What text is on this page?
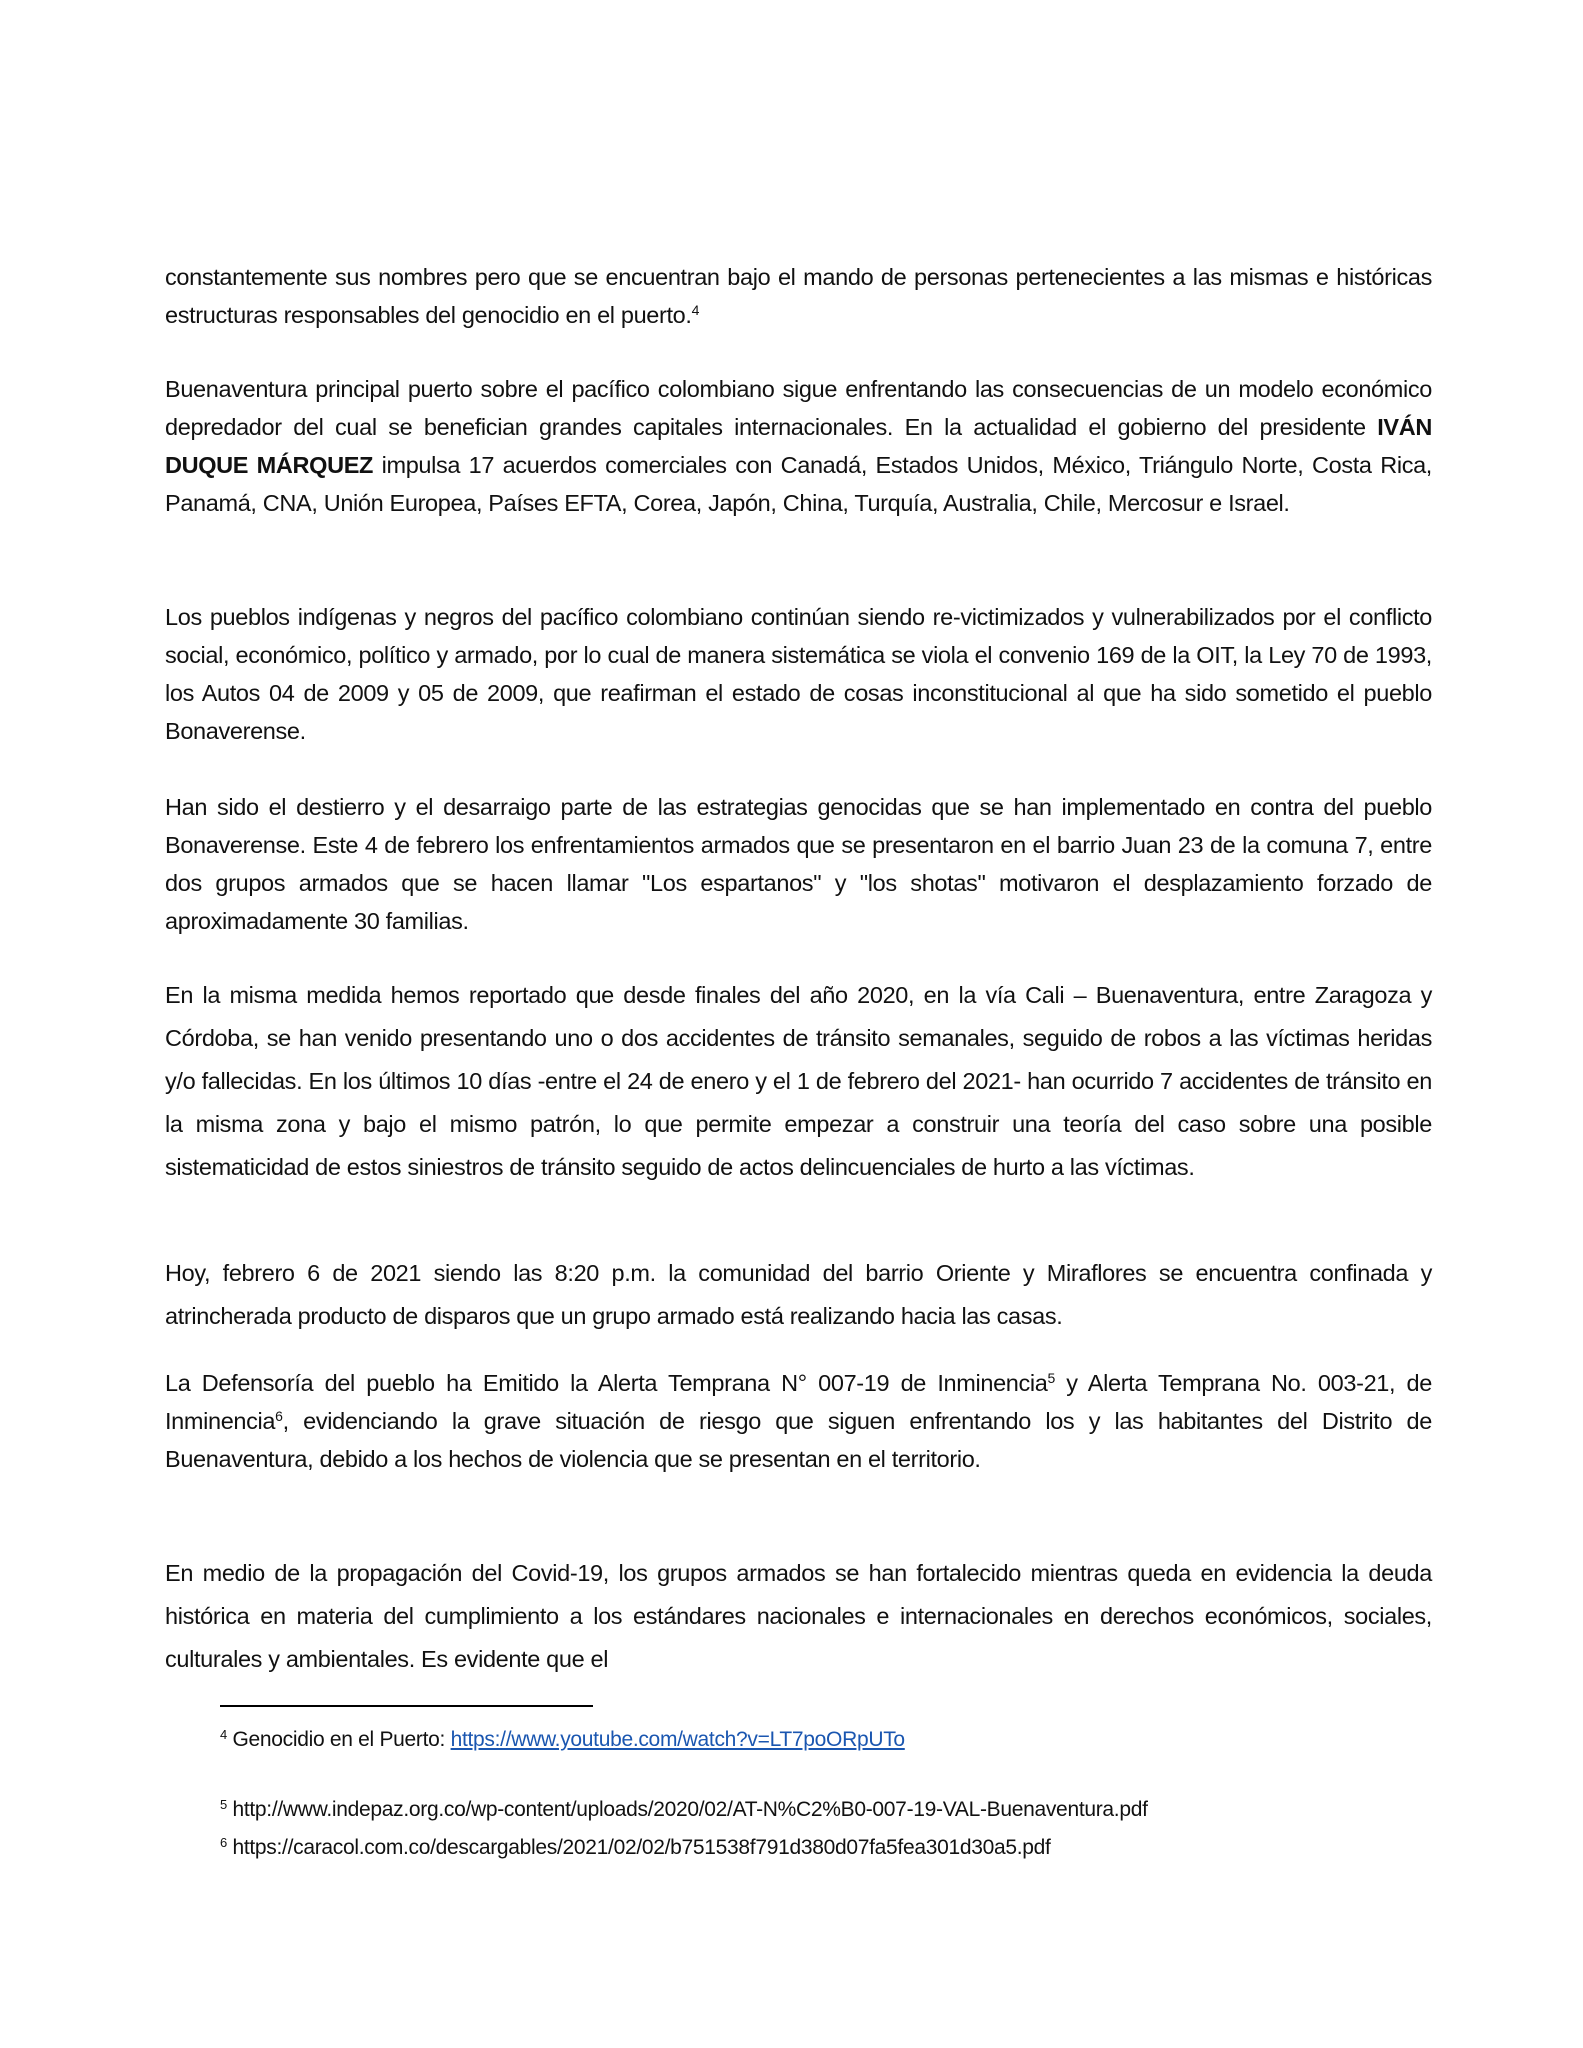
constantemente sus nombres pero que se encuentran bajo el mando de personas pertenecientes a las mismas e históricas estructuras responsables del genocidio en el puerto.$^4$
Buenaventura principal puerto sobre el pacífico colombiano sigue enfrentando las consecuencias de un modelo económico depredador del cual se benefician grandes capitales internacionales. En la actualidad el gobierno del presidente IVÁN DUQUE MÁRQUEZ impulsa 17 acuerdos comerciales con Canadá, Estados Unidos, México, Triángulo Norte, Costa Rica, Panamá, CNA, Unión Europea, Países EFTA, Corea, Japón, China, Turquía, Australia, Chile, Mercosur e Israel.
Los pueblos indígenas y negros del pacífico colombiano continúan siendo re-victimizados y vulnerabilizados por el conflicto social, económico, político y armado, por lo cual de manera sistemática se viola el convenio 169 de la OIT, la Ley 70 de 1993, los Autos 04 de 2009 y 05 de 2009, que reafirman el estado de cosas inconstitucional al que ha sido sometido el pueblo Bonaverense.
Han sido el destierro y el desarraigo parte de las estrategias genocidas que se han implementado en contra del pueblo Bonaverense. Este 4 de febrero los enfrentamientos armados que se presentaron en el barrio Juan 23 de la comuna 7, entre dos grupos armados que se hacen llamar "Los espartanos" y "los shotas" motivaron el desplazamiento forzado de aproximadamente 30 familias.
En la misma medida hemos reportado que desde finales del año 2020, en la vía Cali – Buenaventura, entre Zaragoza y Córdoba, se han venido presentando uno o dos accidentes de tránsito semanales, seguido de robos a las víctimas heridas y/o fallecidas. En los últimos 10 días -entre el 24 de enero y el 1 de febrero del 2021- han ocurrido 7 accidentes de tránsito en la misma zona y bajo el mismo patrón, lo que permite empezar a construir una teoría del caso sobre una posible sistematicidad de estos siniestros de tránsito seguido de actos delincuenciales de hurto a las víctimas.
Hoy, febrero 6 de 2021 siendo las 8:20 p.m. la comunidad del barrio Oriente y Miraflores se encuentra confinada y atrincherada producto de disparos que un grupo armado está realizando hacia las casas.
La Defensoría del pueblo ha Emitido la Alerta Temprana N° 007-19 de Inminencia$^5$ y Alerta Temprana No. 003-21, de Inminencia$^6$, evidenciando la grave situación de riesgo que siguen enfrentando los y las habitantes del Distrito de Buenaventura, debido a los hechos de violencia que se presentan en el territorio.
En medio de la propagación del Covid-19, los grupos armados se han fortalecido mientras queda en evidencia la deuda histórica en materia del cumplimiento a los estándares nacionales e internacionales en derechos económicos, sociales, culturales y ambientales. Es evidente que el
$^4$ Genocidio en el Puerto: https://www.youtube.com/watch?v=LT7poORpUTo
$^5$ http://www.indepaz.org.co/wp-content/uploads/2020/02/AT-N%C2%B0-007-19-VAL-Buenaventura.pdf
$^6$ https://caracol.com.co/descargables/2021/02/02/b751538f791d380d07fa5fea301d30a5.pdf
